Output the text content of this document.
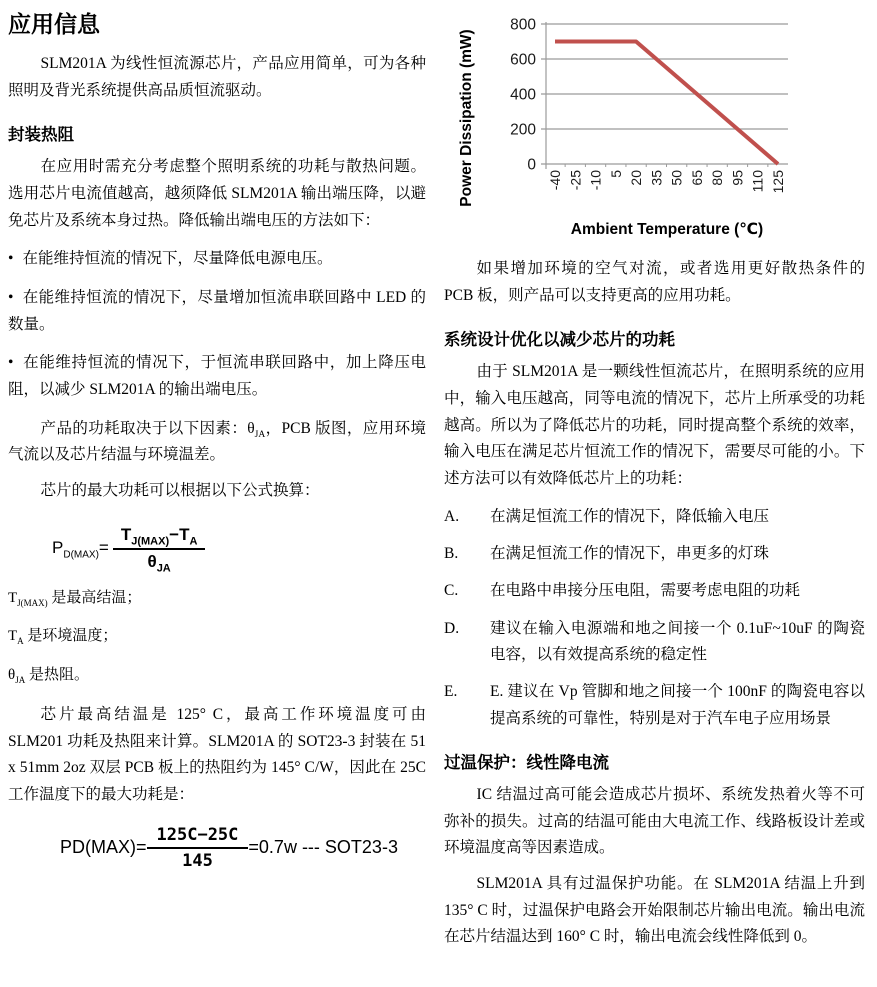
应用信息

SLM201A 为线性恒流源芯片，产品应用简单，可为各种照明及背光系统提供高品质恒流驱动。

封装热阻

在应用时需充分考虑整个照明系统的功耗与散热问题。选用芯片电流值越高，越须降低 SLM201A 输出端压降，以避免芯片及系统本身过热。降低输出端电压的方法如下：

• 在能维持恒流的情况下，尽量降低电源电压。

• 在能维持恒流的情况下，尽量增加恒流串联回路中 LED 的数量。

• 在能维持恒流的情况下，于恒流串联回路中，加上降压电阻，以减少 SLM201A 的输出端电压。

产品的功耗取决于以下因素：$\theta_{JA}$，PCB 版图，应用环境气流以及芯片结温与环境温差。

芯片的最大功耗可以根据以下公式换算：

$P_{D(MAX)}= \frac{T_{J(MAX)}-T_A}{\theta_{JA}}$

$T_{J(MAX)}$ 是最高结温；

$T_A$ 是环境温度；

$\theta_{JA}$ 是热阻。

芯片最高结温是 125° C，最高工作环境温度可由 SLM201 功耗及热阻来计算。SLM201A 的 SOT23-3 封装在 51 x 51mm 2oz 双层 PCB 板上的热阻约为 145° C/W，因此在 25C 工作温度下的最大功耗是：

$PD(MAX)= \frac{125C-25C}{145} =0.7w$ --- SOT23-3
0
200
400
600
800
-40 -25 -10 5 20 35 50 65 80 95 110 125
Ambient Temperature (℃)
Power Dissipation (mW)

如果增加环境的空气对流，或者选用更好散热条件的 PCB 板，则产品可以支持更高的应用功耗。

系统设计优化以减少芯片的功耗

由于 SLM201A 是一颗线性恒流芯片，在照明系统的应用中，输入电压越高，同等电流的情况下，芯片上所承受的功耗越高。所以为了降低芯片的功耗，同时提高整个系统的效率，输入电压在满足芯片恒流工作的情况下，需要尽可能的小。下述方法可以有效降低芯片上的功耗：

A.	在满足恒流工作的情况下，降低输入电压
B.	在满足恒流工作的情况下，串更多的灯珠
C.	在电路中串接分压电阻，需要考虑电阻的功耗
D.	建议在输入电源端和地之间接一个 0.1uF~10uF 的陶瓷电容，以有效提高系统的稳定性
E.	E. 建议在 Vp 管脚和地之间接一个 100nF 的陶瓷电容以提高系统的可靠性，特别是对于汽车电子应用场景
过温保护：线性降电流

IC 结温过高可能会造成芯片损坏、系统发热着火等不可弥补的损失。过高的结温可能由大电流工作、线路板设计差或环境温度高等因素造成。

SLM201A 具有过温保护功能。在 SLM201A 结温上升到 135° C 时，过温保护电路会开始限制芯片输出电流。输出电流在芯片结温达到 160° C 时，输出电流会线性降低到 0。
